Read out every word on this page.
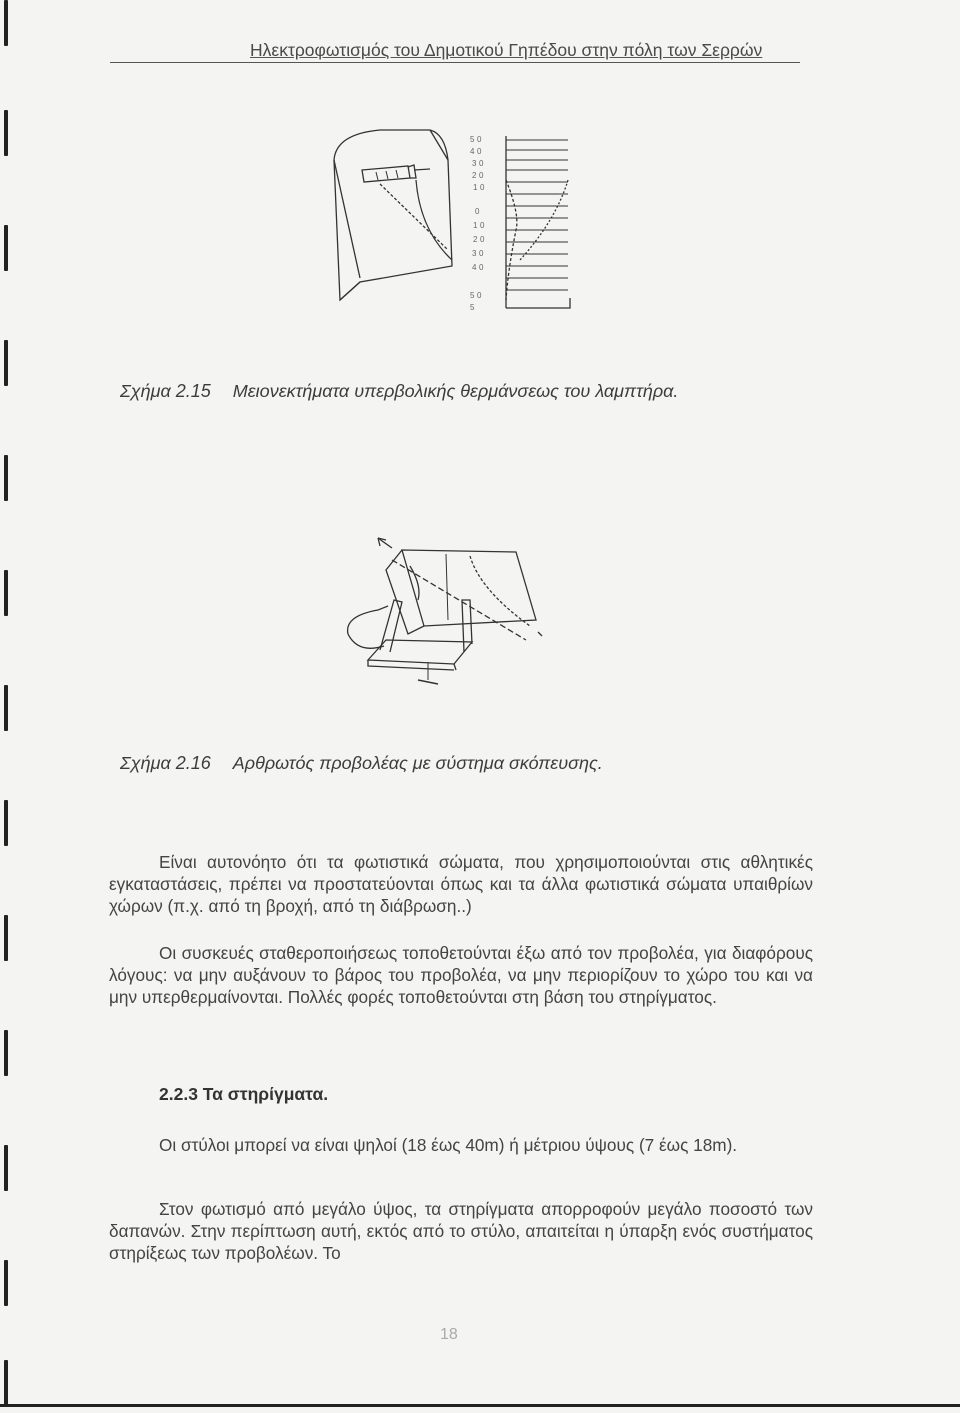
Ηλεκτροφωτισμός του Δημοτικού Γηπέδου στην πόλη των Σερρών
5 0
4 0
3 0
2 0
1 0
0
1 0
2 0
3 0
4 0
5 0
5
Σχήμα 2.15 Μειονεκτήματα υπερβολικής θερμάνσεως του λαμπτήρα.
Σχήμα 2.16 Αρθρωτός προβολέας με σύστημα σκόπευσης.
Είναι αυτονόητο ότι τα φωτιστικά σώματα, που χρησιμοποιούνται στις αθλητικές εγκαταστάσεις, πρέπει να προστατεύονται όπως και τα άλλα φωτιστικά σώματα υπαιθρίων χώρων (π.χ. από τη βροχή, από τη διάβρωση..)
Οι συσκευές σταθεροποιήσεως τοποθετούνται έξω από τον προβολέα, για διαφόρους λόγους: να μην αυξάνουν το βάρος του προβολέα, να μην περιορίζουν το χώρο του και να μην υπερθερμαίνονται. Πολλές φορές τοποθετούνται στη βάση του στηρίγματος.
2.2.3 Τα στηρίγματα.
Οι στύλοι μπορεί να είναι ψηλοί (18 έως 40m) ή μέτριου ύψους (7 έως 18m).
Στον φωτισμό από μεγάλο ύψος, τα στηρίγματα απορροφούν μεγάλο ποσοστό των δαπανών. Στην περίπτωση αυτή, εκτός από το στύλο, απαιτείται η ύπαρξη ενός συστήματος στηρίξεως των προβολέων. Το
18
